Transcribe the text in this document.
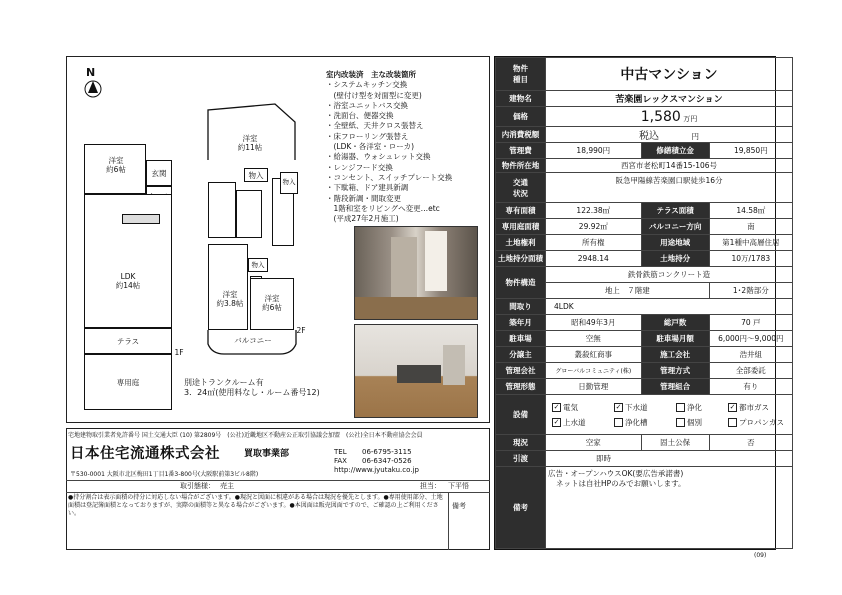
N
洋室
約6帖	玄関
LDK
約14帖
テラス
専用庭
1F
洋室
約11帖
物入
物入
洋室
約3.8帖
物入
洋室
約6帖
バルコニー
2F
室内改装済　主な改装箇所
・システムキッチン交換
　(壁付け型を対面型に変更)
・浴室ユニットバス交換
・洗面台、便器交換
・全壁紙、天井クロス張替え
・床フローリング張替え
　(LDK・各洋室・ローカ)
・給湯器、ウォシュレット交換
・レンジフード交換
・コンセント、スイッチプレート交換
・下駄箱、ドア建具新調
・階段新調・間取変更
　1階和室をリビングへ変更…etc
　(平成27年2月施工)
別途トランクルーム有
3．24㎡(使用料なし・ルーム番号12)
宅地建物取引業者免許番号 国土交通大臣 (10) 第2809号　(公社)近畿地区不動産公正取引協議会加盟　(公社)全日本不動産協会会員
日本住宅流通株式会社	買取事業部	TEL 06-6795-3115
FAX 06-6347-0526
http://www.jyutaku.co.jp
〒530-0001 大阪市北区梅田1丁目1番3-800号(大阪駅前第3ビル8階)
取引態様： 売主	担当： 下平悟
●持分割合は表示面積の持分に対応しない場合がございます。●現況と図面に相違がある場合は現況を優先とします。●専用使用部分、土地面積は登記簿面積となっておりますが、実際の面積等と異なる場合がございます。●本図面は販売図面ですので、ご確認の上ご利用ください。
備考
物件
種目	中古マンション		
建物名	苦楽園レックスマンション		
価格	1,580 万円		
内消費税額	税込 円		
管理費	18,990円	修繕積立金	19,850円
物件所在地	西宮市老松町14番15-106号		
交通
状況	阪急甲陽線苦楽園口駅徒歩16分		
専有面積	122.38㎡	テラス面積	14.58㎡
専用庭面積	29.92㎡	バルコニー方向	南
土地権利	所有権	用途地域	第1種中高層住居
土地持分面積	2948.14	土地持分	10万/1783
物件構造	鉄骨鉄筋コンクリート造		
	地上　７階建		1･2階部分
間取り	4LDK		
築年月	昭和49年3月	総戸数	70 戸
駐車場	空無	駐車場月額	6,000円～9,000円
分譲主	叢殺紅商事	施工会社	浩井組
管理会社	グローバルコミュニティ(株)	管理方式	全部委託
管理形態	日勤管理	管理組合	有り
設備	✓ 電気 ✓ 下水道 浄化 ✓ 都市ガス
✓ 上水道 浄化槽 個別 プロパンガス		

現況	空家	固土公保	否
引渡	即時		
備考	広告・オープンハウスOK(要広告承諾書)
ネットは自社HPのみでお願いします。		
(09)
